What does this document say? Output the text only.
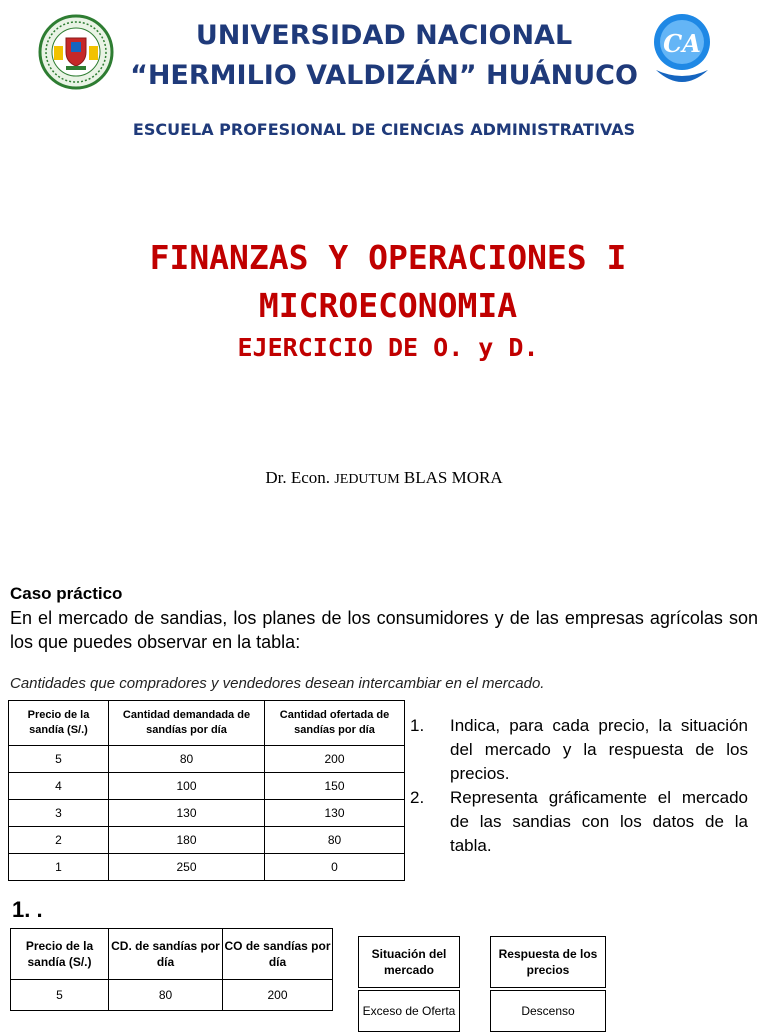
CA
UNIVERSIDAD NACIONAL
“HERMILIO VALDIZÁN” HUÁNUCO
ESCUELA PROFESIONAL DE CIENCIAS ADMINISTRATIVAS
FINANZAS Y OPERACIONES I
MICROECONOMIA
EJERCICIO DE O. y D.
Dr. Econ. JEDUTUM BLAS MORA
Caso práctico
En el mercado de sandias, los planes de los consumidores y de las empresas agrícolas son los que puedes observar en la tabla:
Cantidades que compradores y vendedores desean intercambiar en el mercado.
Precio de la sandía (S/.)	Cantidad demandada de sandías por día	Cantidad ofertada de sandías por día
5	80	200
4	100	150
3	130	130
2	180	80
1	250	0
1.	Indica, para cada precio, la situación del mercado y la respuesta de los precios.
2.	Representa gráficamente el mercado de las sandias con los datos de la tabla.
1. .
Precio de la sandía (S/.)	CD. de sandías por día	CO de sandías por día
5	80	200
Situación del mercado
Exceso de Oferta
Respuesta de los precios
Descenso
